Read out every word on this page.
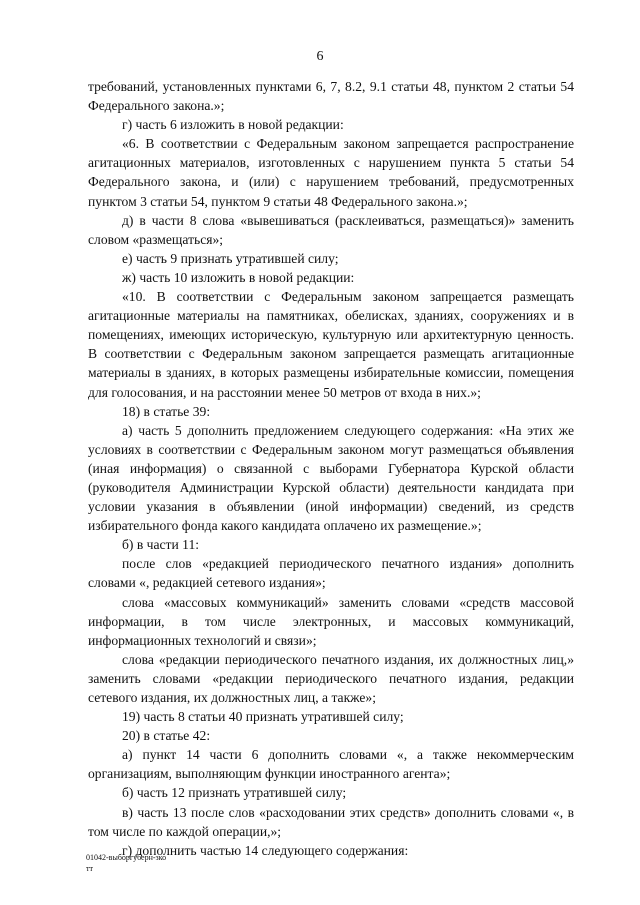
6

требований, установленных пунктами 6, 7, 8.2, 9.1 статьи 48, пунктом 2 статьи 54 Федерального закона.»;

г) часть 6 изложить в новой редакции:

«6. В соответствии с Федеральным законом запрещается распространение агитационных материалов, изготовленных с нарушением пункта 5 статьи 54 Федерального закона, и (или) с нарушением требований, предусмотренных пунктом 3 статьи 54, пунктом 9 статьи 48 Федерального закона.»;

д) в части 8 слова «вывешиваться (расклеиваться, размещаться)» заменить словом «размещаться»;

е) часть 9 признать утратившей силу;

ж) часть 10 изложить в новой редакции:

«10. В соответствии с Федеральным законом запрещается размещать агитационные материалы на памятниках, обелисках, зданиях, сооружениях и в помещениях, имеющих историческую, культурную или архитектурную ценность. В соответствии с Федеральным законом запрещается размещать агитационные материалы в зданиях, в которых размещены избирательные комиссии, помещения для голосования, и на расстоянии менее 50 метров от входа в них.»;

18) в статье 39:

а) часть 5 дополнить предложением следующего содержания: «На этих же условиях в соответствии с Федеральным законом могут размещаться объявления (иная информация) о связанной с выборами Губернатора Курской области (руководителя Администрации Курской области) деятельности кандидата при условии указания в объявлении (иной информации) сведений, из средств избирательного фонда какого кандидата оплачено их размещение.»;

б) в части 11:

после слов «редакцией периодического печатного издания» дополнить словами «, редакцией сетевого издания»;

слова «массовых коммуникаций» заменить словами «средств массовой информации, в том числе электронных, и массовых коммуникаций, информационных технологий и связи»;

слова «редакции периодического печатного издания, их должностных лиц,» заменить словами «редакции периодического печатного издания, редакции сетевого издания, их должностных лиц, а также»;

19) часть 8 статьи 40 признать утратившей силу;

20) в статье 42:

а) пункт 14 части 6 дополнить словами «, а также некоммерческим организациям, выполняющим функции иностранного агента»;

б) часть 12 признать утратившей силу;

в) часть 13 после слов «расходовании этих средств» дополнить словами «, в том числе по каждой операции,»;

г) дополнить частью 14 следующего содержания:

01042-выборгуберн-зко
тт
